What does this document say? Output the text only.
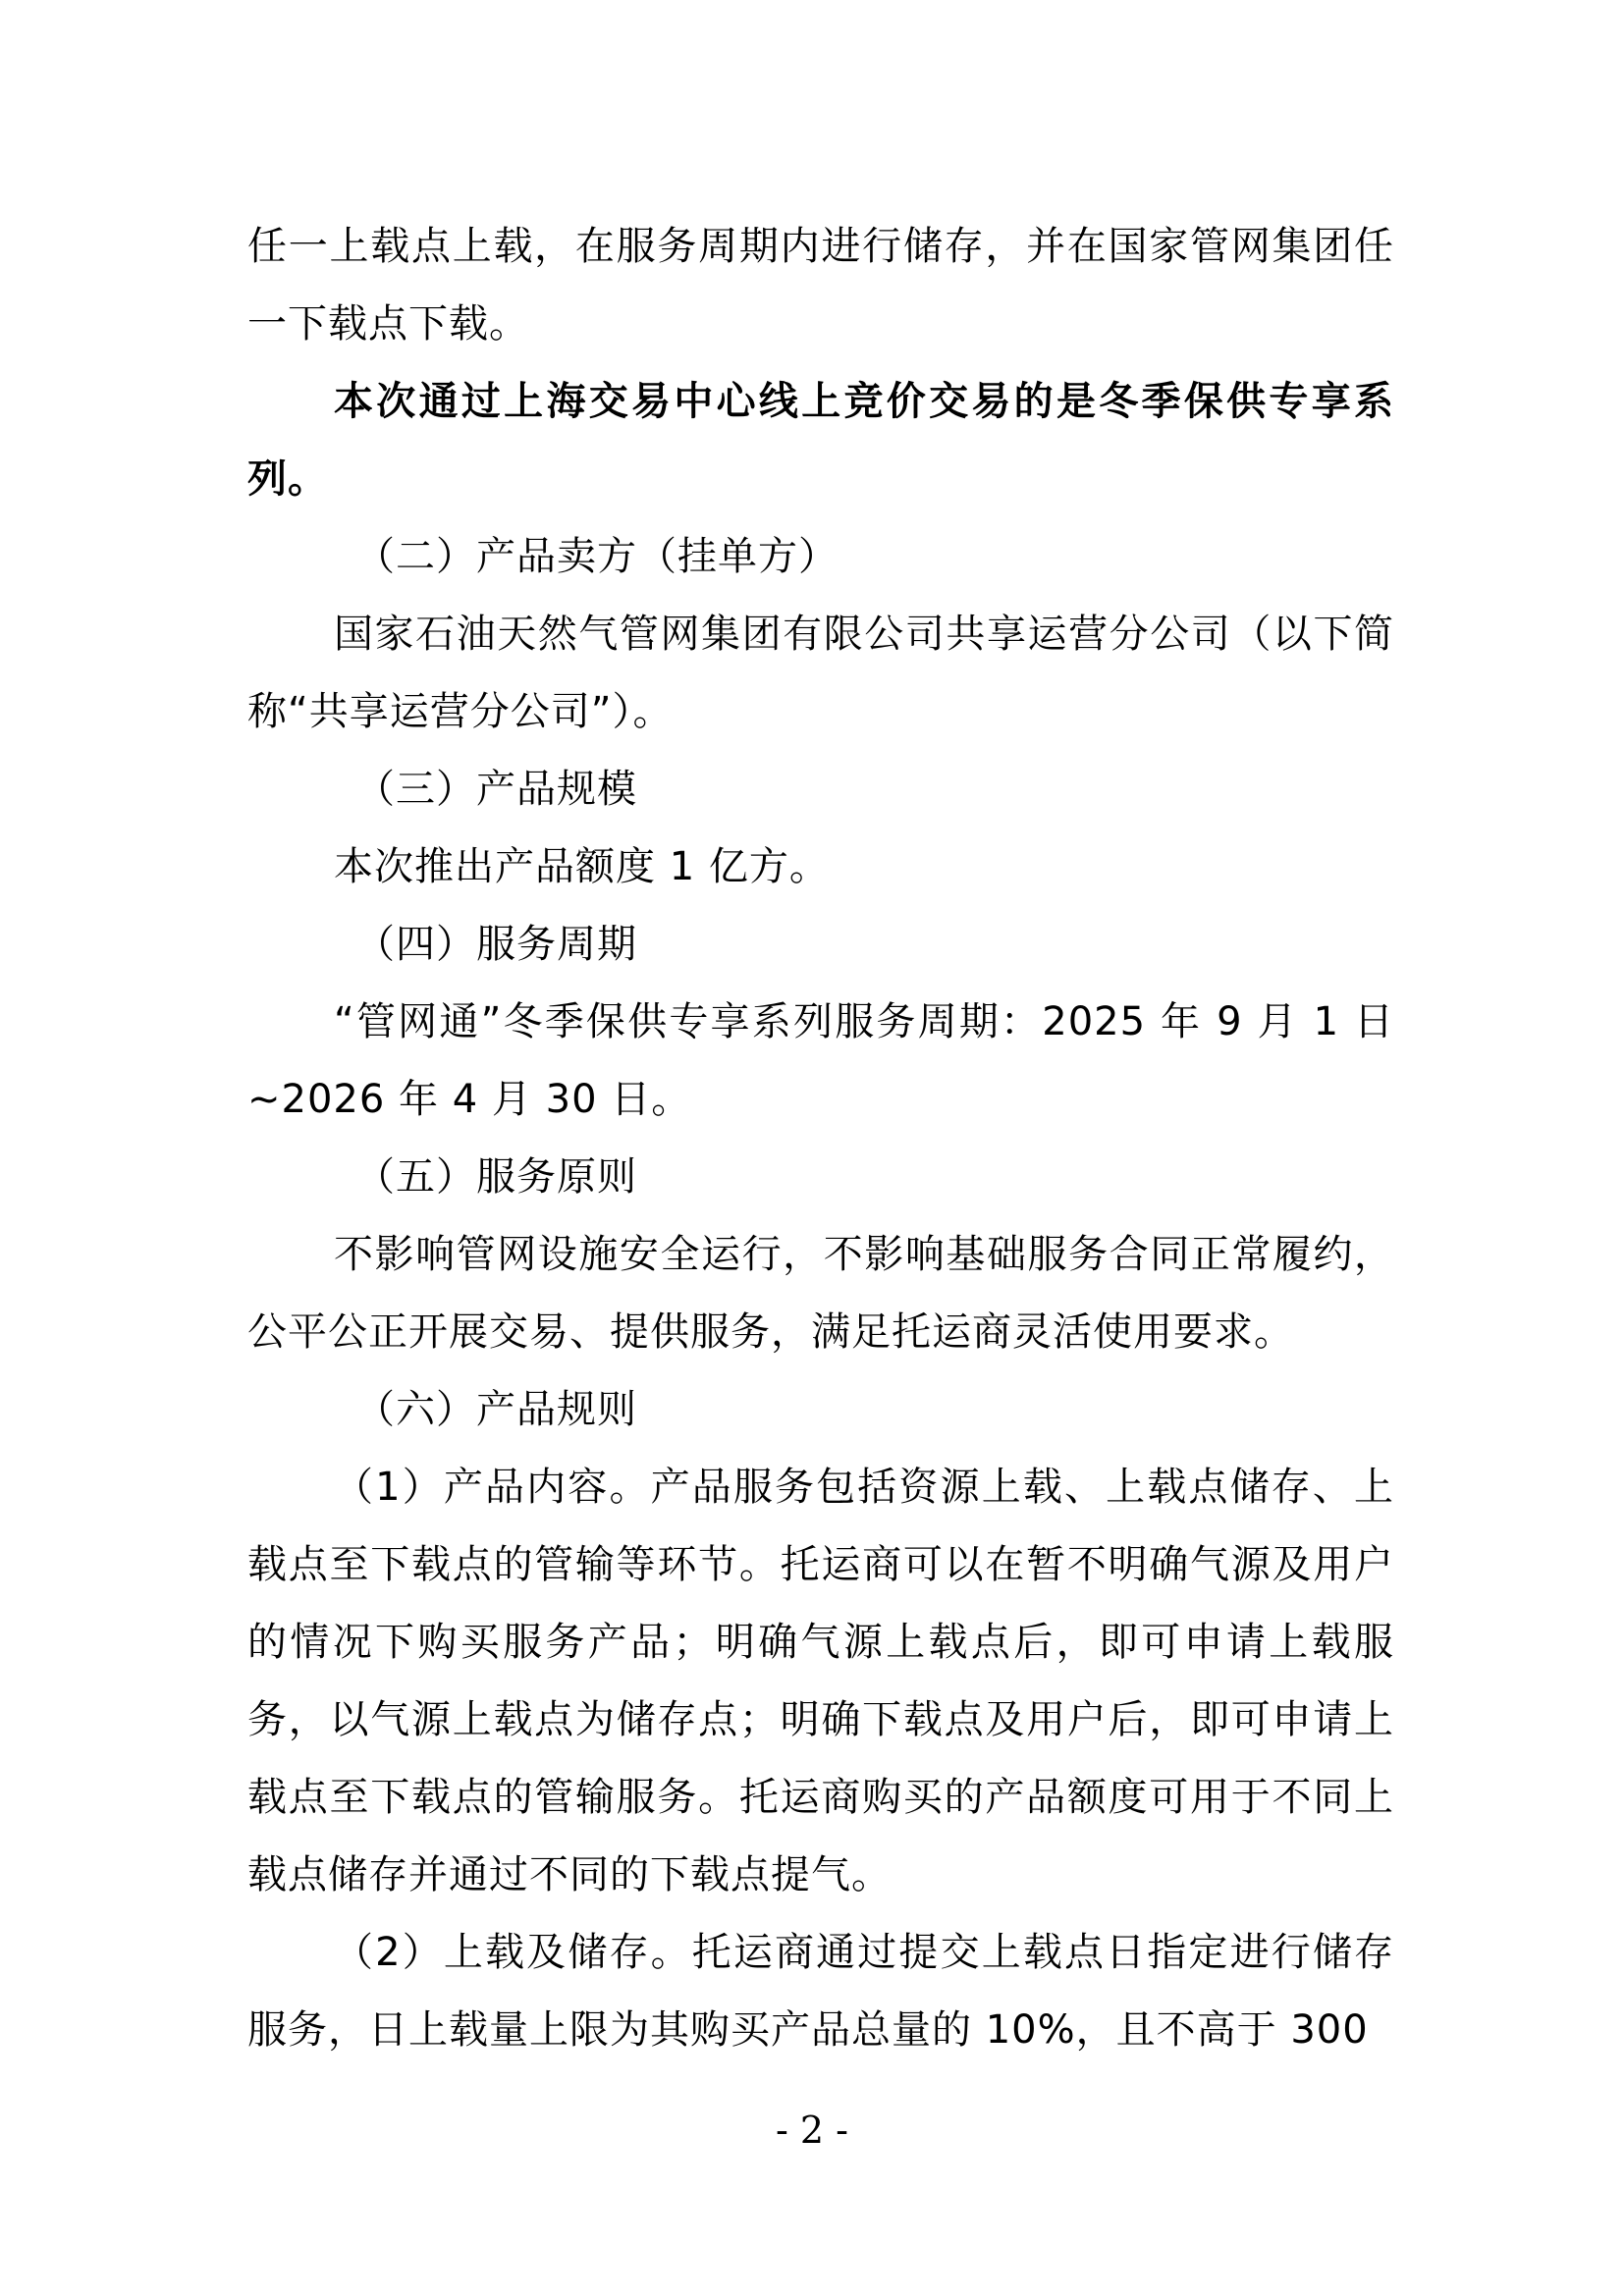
任一上载点上载，在服务周期内进行储存，并在国家管网集团任一下载点下载。

本次通过上海交易中心线上竞价交易的是冬季保供专享系列。

（二）产品卖方（挂单方）

国家石油天然气管网集团有限公司共享运营分公司（以下简称“共享运营分公司”）。

（三）产品规模

本次推出产品额度 1 亿方。

（四）服务周期

“管网通”冬季保供专享系列服务周期：2025 年 9 月 1 日~2026 年 4 月 30 日。

（五）服务原则

不影响管网设施安全运行，不影响基础服务合同正常履约，公平公正开展交易、提供服务，满足托运商灵活使用要求。

（六）产品规则

（1）产品内容。产品服务包括资源上载、上载点储存、上载点至下载点的管输等环节。托运商可以在暂不明确气源及用户的情况下购买服务产品；明确气源上载点后，即可申请上载服务，以气源上载点为储存点；明确下载点及用户后，即可申请上载点至下载点的管输服务。托运商购买的产品额度可用于不同上载点储存并通过不同的下载点提气。

（2）上载及储存。托运商通过提交上载点日指定进行储存服务，日上载量上限为其购买产品总量的 10%，且不高于 300

- 2 -
